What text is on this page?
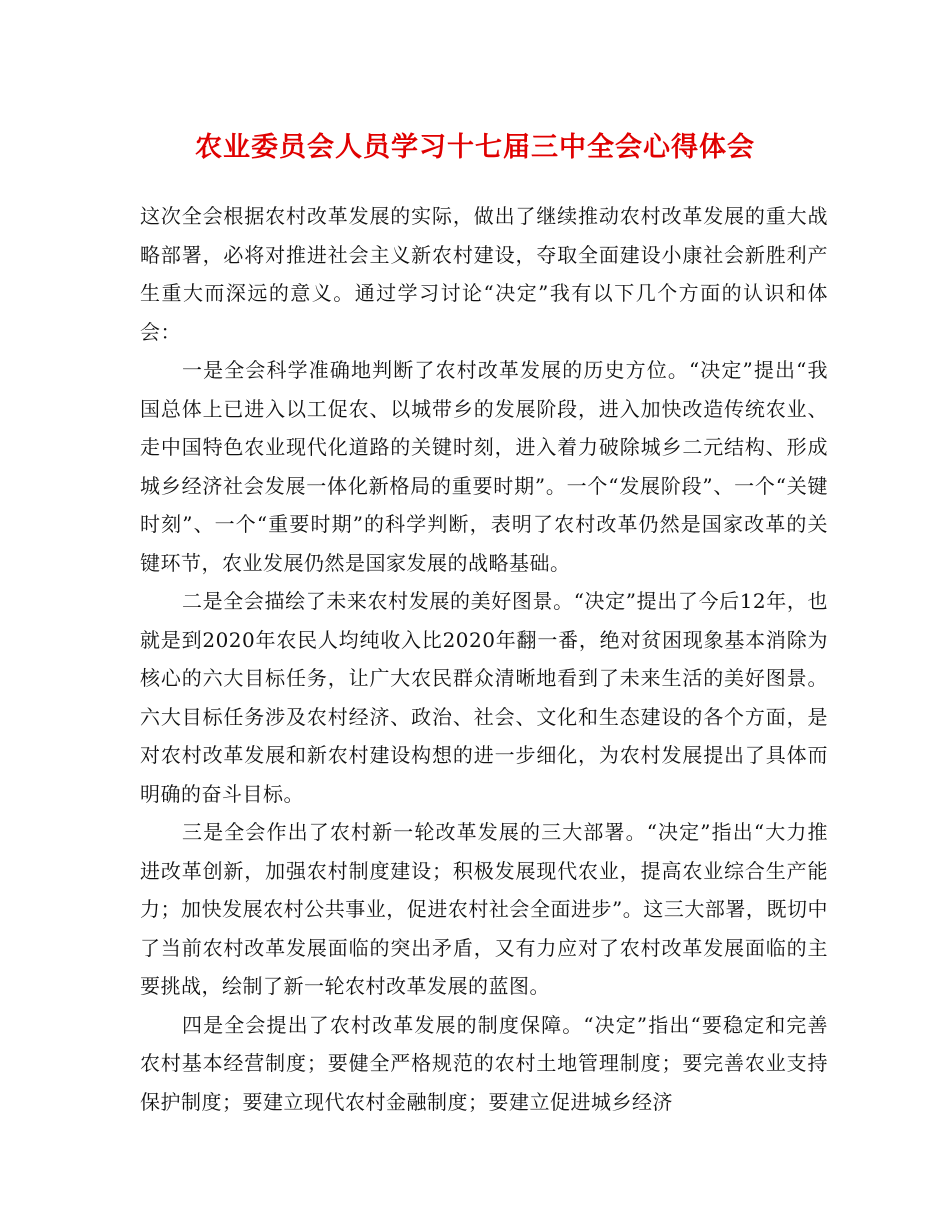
农业委员会人员学习十七届三中全会心得体会

这次全会根据农村改革发展的实际，做出了继续推动农村改革发展的重大战略部署，必将对推进社会主义新农村建设，夺取全面建设小康社会新胜利产生重大而深远的意义。通过学习讨论“决定”我有以下几个方面的认识和体会：

一是全会科学准确地判断了农村改革发展的历史方位。“决定”提出“我国总体上已进入以工促农、以城带乡的发展阶段，进入加快改造传统农业、走中国特色农业现代化道路的关键时刻，进入着力破除城乡二元结构、形成城乡经济社会发展一体化新格局的重要时期”。一个“发展阶段”、一个“关键时刻”、一个“重要时期”的科学判断，表明了农村改革仍然是国家改革的关键环节，农业发展仍然是国家发展的战略基础。

二是全会描绘了未来农村发展的美好图景。“决定”提出了今后12年，也就是到2020年农民人均纯收入比2020年翻一番，绝对贫困现象基本消除为核心的六大目标任务，让广大农民群众清晰地看到了未来生活的美好图景。六大目标任务涉及农村经济、政治、社会、文化和生态建设的各个方面，是对农村改革发展和新农村建设构想的进一步细化，为农村发展提出了具体而明确的奋斗目标。

三是全会作出了农村新一轮改革发展的三大部署。“决定”指出“大力推进改革创新，加强农村制度建设；积极发展现代农业，提高农业综合生产能力；加快发展农村公共事业，促进农村社会全面进步”。这三大部署，既切中了当前农村改革发展面临的突出矛盾，又有力应对了农村改革发展面临的主要挑战，绘制了新一轮农村改革发展的蓝图。

四是全会提出了农村改革发展的制度保障。“决定”指出“要稳定和完善农村基本经营制度；要健全严格规范的农村土地管理制度；要完善农业支持保护制度；要建立现代农村金融制度；要建立促进城乡经济
